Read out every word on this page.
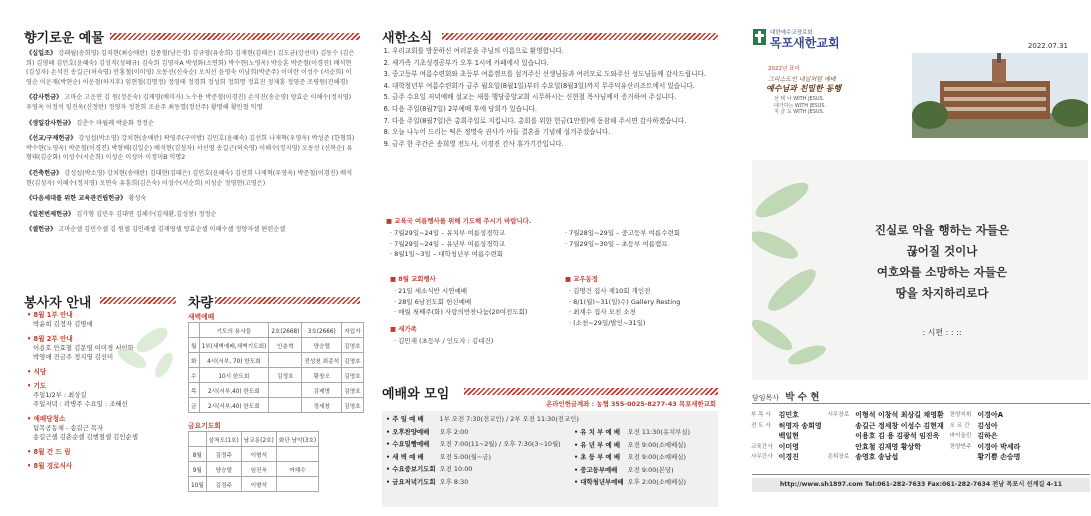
향기로운 예물
《십일조》 강래월(송희영) 김치현(최승애란) 김종철(남은경) 김규영(유송희) 김재현(김태은) 김도균(강선미) 김동수 (김은희) 김영혜 김민호(윤혜숙) 김성직(성혜규) 김숙희 김영자A 박성화(소연회) 박수현(노영옥) 박승훈 박준철(이경진) 배석현(김성자) 손석진 송길근(허숙영) 안홍철(이미영) 오동선(신숙순) 오치선 윤영숙 이남희(박준주) 이미란 이성수 (서순희) 이영순 이운재(박현순) 이운철(하지후) 임현철(김명정) 정영태 정경희 정성희 정희명 정효진 정재흥 정영준 조평원(진해경)
《감사헌금》 고마순 고운연 김 원(정운숙) 김재영(배미자) 노수용 박준철(이경진) 손석진(송순영) 양효순 이해수(정지영) 우영옥 이정석 임진욱(신정란) 정영자 정찬희 조윤주 최동열(정선주) 황명해 황인철 익명
《생일감사헌금》 김춘수 마월례 박윤화 정정순
《선교/구제헌금》 강성섭(박소영) 강치현(송애란) 곽영주(구이방) 김민호(윤혜숙) 김선희 나재혁(우영옥) 박성준 (한형희) 박수현(노영옥) 박준철(이경진) 박창배(김일순) 배석현(김성자) 서선영 송길근(허숙영) 이해수(정지영) 오동선 (신복순) 유형태(김순화) 이성수(서순희) 이성순 이성아 이정미B 익명2
《건축헌금》 강성섭(박소영) 강치현(송애란) 김대현(김태은) 김민호(윤혜숙) 김선희 나재혁(우영옥) 박준철(이경진) 배석현(김성자) 이해수(정지영) 오연숙 유흥희(김은숙) 이성수(서순희) 이성순 정영현(고영은)
《다음세대를 위한 교육관건립헌금》 황성숙
《일천번제헌금》 김가형 김민우 김대연 김해수(김재환,김성봉) 정정순
《셀헌금》 고마순셀 김민수셀 김 원셀 김인례셀 김재영셀 양효순셀 이해수셀 정양자셀 편련순셀
봉사자 안내
• 8월 1부 안내
박윤희 김정자 김명애
• 8월 2부 안내
이용호 안효철 김문영 이미경 서인화
박영애 진금주 정지영 김선미
• 식당
• 기도
주일1/2부 : 최상길
주일저녁 : 곽병주 수요일 : 조혜선
• 예배당청소
팀목공동체 - 송길근 목자
송길근셀 김춘순셀 김행철셀 김인순셀
• 8월 건 드 림
• 8월 경로식사
차량
새벽예배
	기도의 용사들	2호(2668)	3호(2666)	지입자
월	1부(새벽예배,새벽기도회)	안춘혁	양승렬	김영호
화	4시(서부, 70) 한도회		전성천 최종석	김영호
수	10시 한도회	김정호	황창오	김영호
목	2시(서부,40) 한도회		김제명	김영호
금	2시(서부,40) 한도회		정세창	김영호
금요기도회
	삼척도(1호)	남교동(2호)	화단 남악(3호)
8월	김정주	이형석	
9월	양승렬	임진욱	여해수
10월	김정주	이형석	
새한소식
1. 우리교회를 방문하신 여러분을 주님의 이름으로 환영합니다.
2. 새가족 기초성경공부가 오후 1시에 카페에서 있습니다.
3. 중고등부 여름수련회와 초등부 여름캠프를 섬겨주신 선생님들과 여러모로 도와주신 성도님들께 감사드립니다.
4. 대학청년부 여름수련회가 금주 월요일(8월1일)부터 수요일(8월3일)까지 무주덕유산리조트에서 있습니다.
5. 금주 수요일 저녁예배 설교는 새롭 행당중앙교회 시무하시는 신현철 목사님께서 증거하여 주십니다.
6. 다음 주일(8월7일) 2부예배 후에 당회가 있습니다.
7. 다음 주일(8월7일)은 총회주일로 지킵니다. 총회를 위한 헌금(1만원)에 동참해 주시면 감사하겠습니다.
8. 오늘 나누어 드리는 떡은 정명숙 권사가 아들 결혼을 기념해 섬겨주셨습니다.
9. 금주 한 주간은 송희영 전도사, 이경진 간사 휴가기간입니다.
■ 교육국 여름행사를 위해 기도해 주시기 바랍니다.
· 7월29일~24일 – 유치부 여름성경학교
· 7월29일~24일 – 유년부 여름성경학교
· 8월1일~3일 – 대학청년부 여름수련회
· 7월28일~29일 – 중고등부 여름수련회
· 7월29일~30일 – 초등부 여름캠프
■ 8월 교회행사
· 21일 세소식반 시연예배
· 28일 6남전도회 헌신예배
· 매월 첫째주(화) 사랑의반찬나눔(20여전도회)
■ 새가족
· 김민재 (초등부 / 인도자 : 김대건)
■ 교우동정
· 김명건 집사 제10회 개인전
· 8/1(월)~31(일)수) Gallery Resting
· 최재수 집사 모친 소천
· (소천~29일/발인~31일)
예배와 모임
온라인헌금계좌 : 농협 355-0025-8277-43 목포새한교회
• 주 일 예 배	1부 오전 7:30(전교인) / 2부 오전 11:30(전교인)
• 오후찬양예배	오후 2:00
• 수요밀빵예배	오전 7:00(11~2월) / 오후 7:30(3~10월)
• 새 벽 예 배	오전 5:00(월~금)
• 수요중보기도회	오전 10:00
• 금요저녁기도회	오후 8:30
• 유 치 부 예 배	오전 11:30(유치부실)
• 유 년 부 예 배	오전 9:00(소예배실)
• 초 등 부 예 배	오전 9:00(소예배실)
• 중고등부예배	오전 9:00(본당)
• 대학청년부예배	오후 2:00(소예배실)
대한예수교장로회
목포새한교회	2022.07.31
2022년 표어
그리스도인 내일처럼 예배
예수님과 친밀한 동행
선 택 나 WITH JESUS.
대가하는 WITH JESUS.
지 금 도 WITH JESUS.
진실로 악을 행하는 자들은
끊어질 것이나
여호와를 소망하는 자들은
땅을 차지하리로다
: 시편 : : ::
담임목사 박 수 현
부 목 사	김민호	시무장로	이형석 이창석 최상길 채영환	찬양지휘	이경아A
전 도 사	허영자 송희영		송길근 정세창 이성수 김현재	오 르 간	김성아
	백일현		이용호 김 용 김광석 임진욱	바이올린	김하은
교육간사	이미영		안효철 김재영 황상학	찬양반주	이경아 박세라
사무간사	이경진	은퇴장로	송영호 송남섭		황기쁨 손승명
http://www.sh1897.com Tel:061-282-7633 Fax:061-282-7634 전남 목포시 선계길 4-11
